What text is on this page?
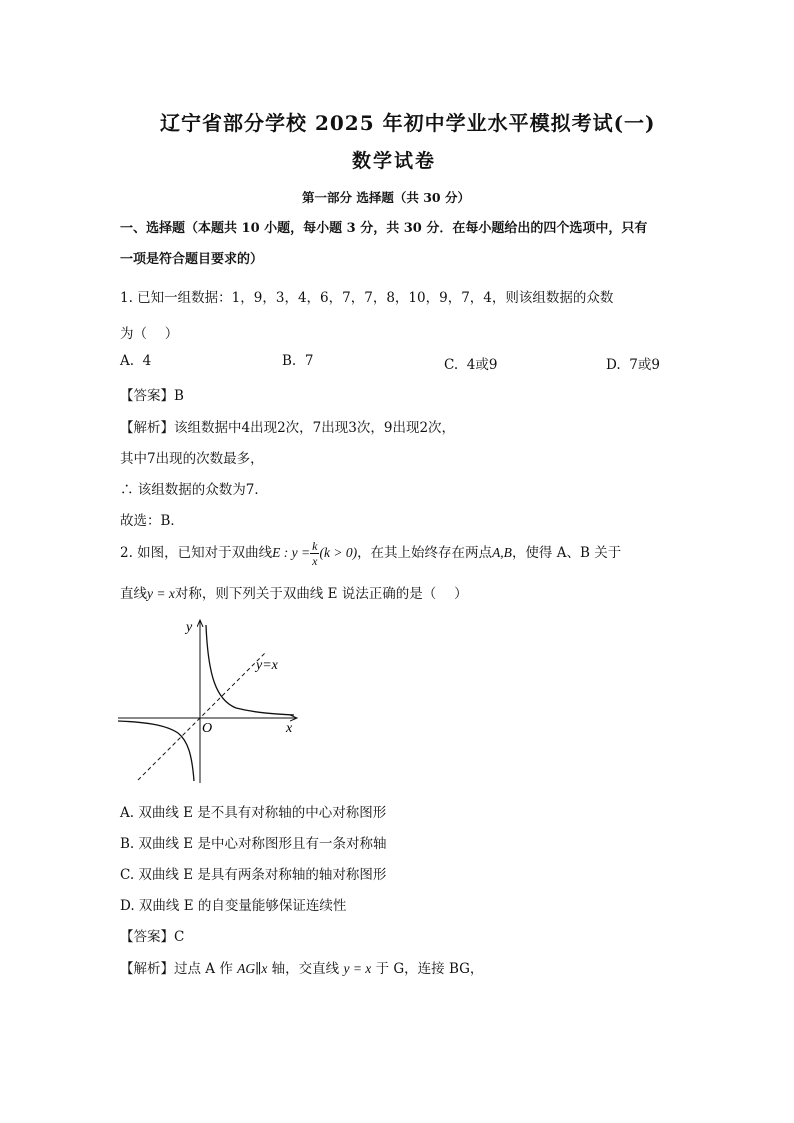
辽宁省部分学校 2025 年初中学业水平模拟考试(一)
数学试卷
第一部分 选择题（共 30 分）
一、选择题（本题共 10 小题，每小题 3 分，共 30 分．在每小题给出的四个选项中，只有
一项是符合题目要求的）
1. 已知一组数据：1，9，3，4，6，7，7，8，10，9，7，4，则该组数据的众数
为（　 ）
A. 4	B. 7	C. 4或9	D. 7或9
【答案】B
【解析】该组数据中4出现2次，7出现3次，9出现2次，
其中7出现的次数最多，
∴ 该组数据的众数为7．
故选：B．
2. 如图，已知对于双曲线E : $y = \frac{k}{x} (k > 0)$，在其上始终存在两点A,B，使得 A、B 关于
直线y = x对称，则下列关于双曲线 E 说法正确的是（　 ）
y
x
O
y=x
A. 双曲线 E 是不具有对称轴的中心对称图形
B. 双曲线 E 是中心对称图形且有一条对称轴
C. 双曲线 E 是具有两条对称轴的轴对称图形
D. 双曲线 E 的自变量能够保证连续性
【答案】C
【解析】过点 A 作 AG∥x 轴，交直线 y = x 于 G，连接 BG，
